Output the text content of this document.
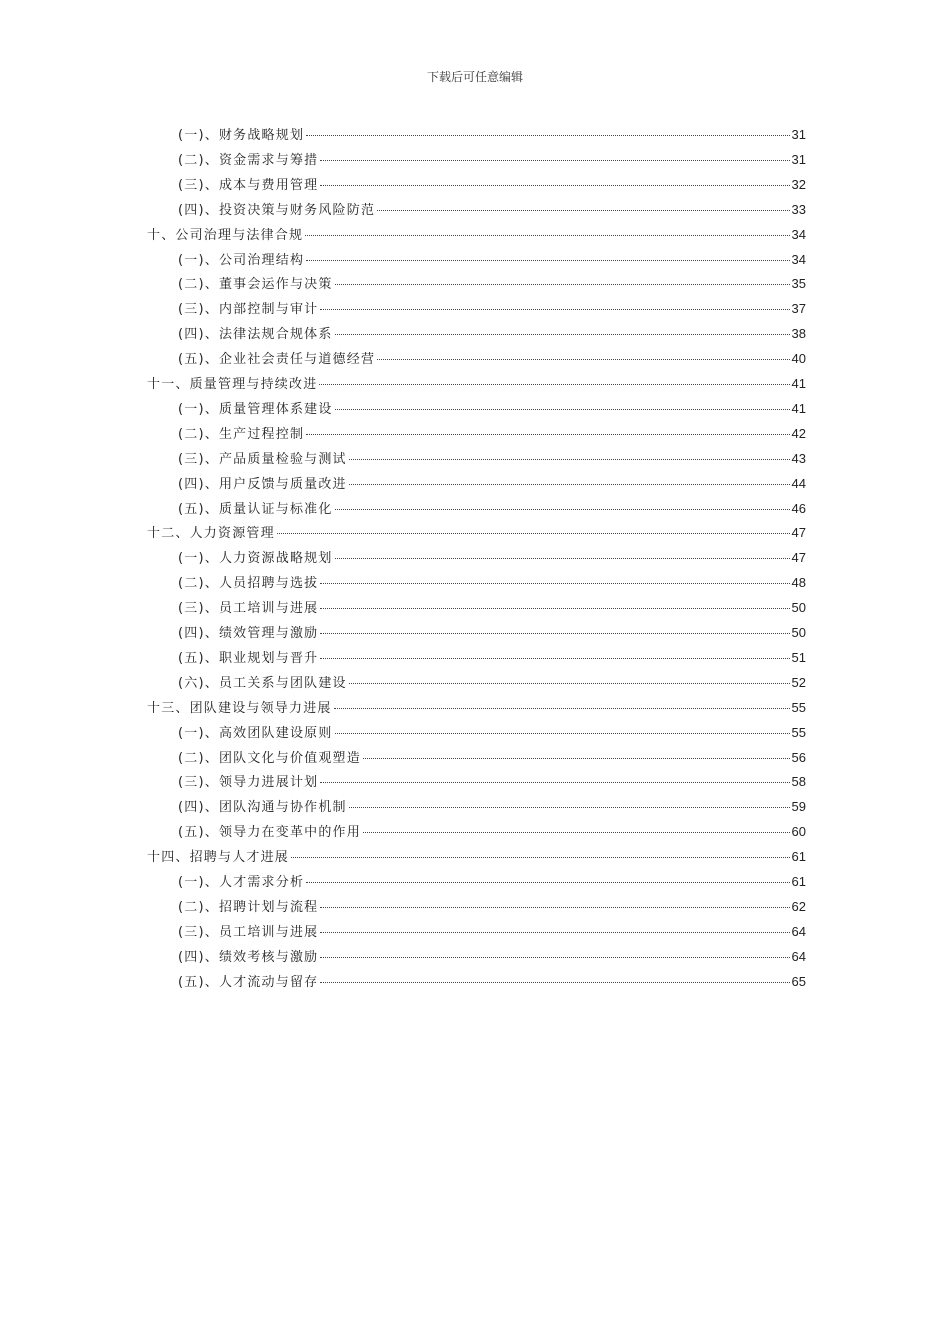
下载后可任意编辑
(一)、财务战略规划	31
(二)、资金需求与筹措	31
(三)、成本与费用管理	32
(四)、投资决策与财务风险防范	33
十、公司治理与法律合规	34
(一)、公司治理结构	34
(二)、董事会运作与决策	35
(三)、内部控制与审计	37
(四)、法律法规合规体系	38
(五)、企业社会责任与道德经营	40
十一、质量管理与持续改进	41
(一)、质量管理体系建设	41
(二)、生产过程控制	42
(三)、产品质量检验与测试	43
(四)、用户反馈与质量改进	44
(五)、质量认证与标准化	46
十二、人力资源管理	47
(一)、人力资源战略规划	47
(二)、人员招聘与选拔	48
(三)、员工培训与进展	50
(四)、绩效管理与激励	50
(五)、职业规划与晋升	51
(六)、员工关系与团队建设	52
十三、团队建设与领导力进展	55
(一)、高效团队建设原则	55
(二)、团队文化与价值观塑造	56
(三)、领导力进展计划	58
(四)、团队沟通与协作机制	59
(五)、领导力在变革中的作用	60
十四、招聘与人才进展	61
(一)、人才需求分析	61
(二)、招聘计划与流程	62
(三)、员工培训与进展	64
(四)、绩效考核与激励	64
(五)、人才流动与留存	65
